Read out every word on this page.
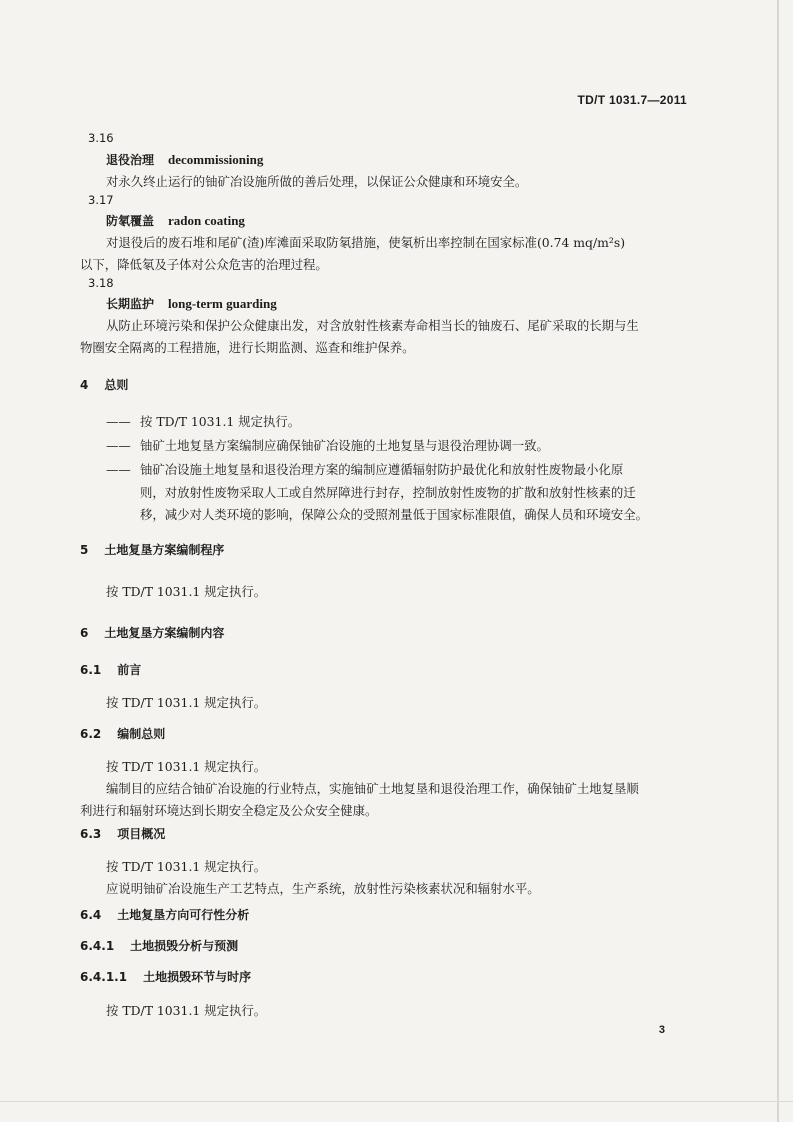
TD/T 1031.7—2011
3.16
退役治理 decommissioning
对永久终止运行的铀矿冶设施所做的善后处理，以保证公众健康和环境安全。
3.17
防氡覆盖 radon coating
对退役后的废石堆和尾矿(渣)库滩面采取防氡措施，使氡析出率控制在国家标准(0.74 mq/m²s)
以下，降低氡及子体对公众危害的治理过程。
3.18
长期监护 long-term guarding
从防止环境污染和保护公众健康出发，对含放射性核素寿命相当长的铀废石、尾矿采取的长期与生
物圈安全隔离的工程措施，进行长期监测、巡查和维护保养。
4 总则
—— 按 TD/T 1031.1 规定执行。
—— 铀矿土地复垦方案编制应确保铀矿冶设施的土地复垦与退役治理协调一致。
—— 铀矿冶设施土地复垦和退役治理方案的编制应遵循辐射防护最优化和放射性废物最小化原
则，对放射性废物采取人工或自然屏障进行封存，控制放射性废物的扩散和放射性核素的迁
移，减少对人类环境的影响，保障公众的受照剂量低于国家标准限值，确保人员和环境安全。
5 土地复垦方案编制程序
按 TD/T 1031.1 规定执行。
6 土地复垦方案编制内容
6.1 前言
按 TD/T 1031.1 规定执行。
6.2 编制总则
按 TD/T 1031.1 规定执行。
编制目的应结合铀矿冶设施的行业特点，实施铀矿土地复垦和退役治理工作，确保铀矿土地复垦顺
利进行和辐射环境达到长期安全稳定及公众安全健康。
6.3 项目概况
按 TD/T 1031.1 规定执行。
应说明铀矿冶设施生产工艺特点，生产系统，放射性污染核素状况和辐射水平。
6.4 土地复垦方向可行性分析
6.4.1 土地损毁分析与预测
6.4.1.1 土地损毁环节与时序
按 TD/T 1031.1 规定执行。
3
